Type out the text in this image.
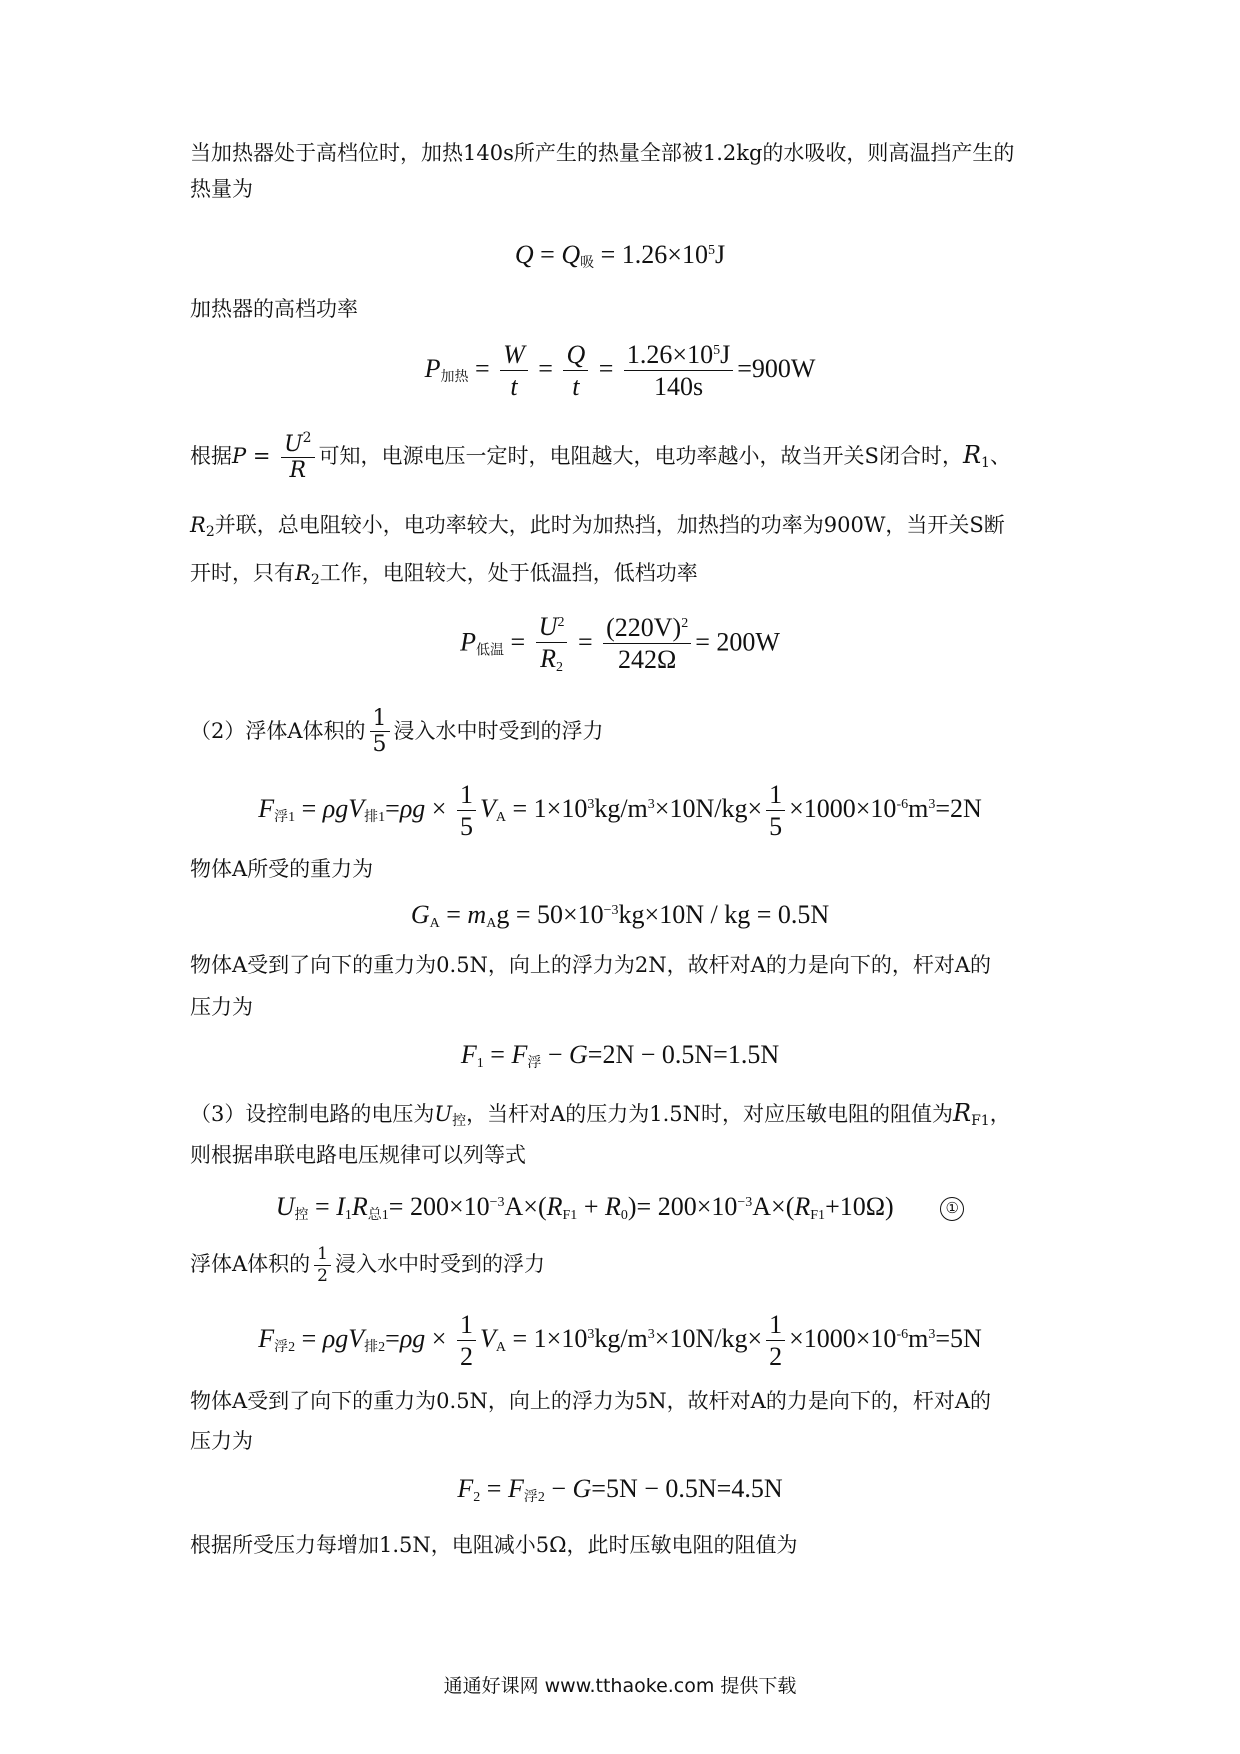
当加热器处于高档位时，加热140s所产生的热量全部被1.2kg的水吸收，则高温挡产生的
热量为
$Q = Q_吸 = 1.26\times 10^5J$
加热器的高档功率
$P_{加热} = \frac{W}{t} = \frac{Q}{t} = \frac{1.26\times 10^5J}{140s} =900W$
根据$P = \frac{U^2}{R}$ 可知，电源电压一定时，电阻越大，电功率越小，故当开关S闭合时，$R_1$、
$R_2$并联，总电阻较小，电功率较大，此时为加热挡，加热挡的功率为900W，当开关S断
开时，只有$R_2$工作，电阻较大，处于低温挡，低档功率
$P_{低温} = \frac{U^2}{R_2} = \frac{(220V)^2}{242\Omega} = 200W$
（2）浮体A体积的 $\frac{1}{5}$ 浸入水中时受到的浮力
$F_{浮1} = \rho gV_{排1}=\rho g \times \frac{1}{5} V_A = 1\times 10^3kg/m^3\times 10N/kg\times \frac{1}{5} \times 1000\times 10^{-6}m^3=2N$
物体A所受的重力为
$G_A = m_Ag = 50\times 10^{-3}kg\times 10N$ / kg = 0.5N
物体A受到了向下的重力为0.5N，向上的浮力为2N，故杆对A的力是向下的，杆对A的
压力为
$F_1 = F_浮 - G=2N - 0.5N=1.5N$
（3）设控制电路的电压为$U_控$，当杆对A的压力为1.5N时，对应压敏电阻的阻值为$R_{F1}$，
则根据串联电路电压规律可以列等式
$U_控 = I_1R_{总1}= 200\times 10^{-3}A\times(R_{F1} + R_0)= 200\times 10^{-3}A\times(R_{F1}+10\Omega)$	①
浮体A体积的 $\frac{1}{2}$ 浸入水中时受到的浮力
$F_{浮2} = \rho gV_{排2}=\rho g \times \frac{1}{2} V_A = 1\times 10^3kg/m^3\times 10N/kg\times \frac{1}{2} \times 1000\times 10^{-6}m^3=5N$
物体A受到了向下的重力为0.5N，向上的浮力为5N，故杆对A的力是向下的，杆对A的
压力为
$F_2 = F_{浮2} - G=5N - 0.5N=4.5N$
根据所受压力每增加1.5N，电阻减小5Ω，此时压敏电阻的阻值为
通通好课网 www.tthaoke.com 提供下载
